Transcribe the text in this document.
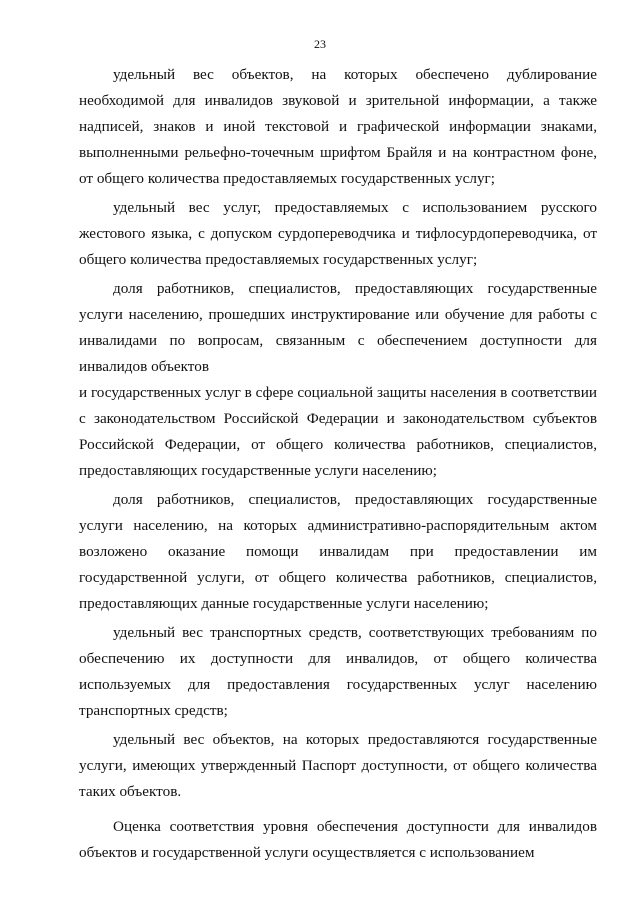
23

удельный вес объектов, на которых обеспечено дублирование необходимой для инвалидов звуковой и зрительной информации, а также надписей, знаков и иной текстовой и графической информации знаками, выполненными рельефно-точечным шрифтом Брайля и на контрастном фоне, от общего количества предоставляемых государственных услуг;

удельный вес услуг, предоставляемых с использованием русского жестового языка, с допуском сурдопереводчика и тифлосурдопереводчика, от общего количества предоставляемых государственных услуг;

доля работников, специалистов, предоставляющих государственные услуги населению, прошедших инструктирование или обучение для работы с инвалидами по вопросам, связанным с обеспечением доступности для инвалидов объектов

и государственных услуг в сфере социальной защиты населения в соответствии с законодательством Российской Федерации и законодательством субъектов Российской Федерации, от общего количества работников, специалистов, предоставляющих государственные услуги населению;

доля работников, специалистов, предоставляющих государственные услуги населению, на которых административно-распорядительным актом возложено оказание помощи инвалидам при предоставлении им государственной услуги, от общего количества работников, специалистов, предоставляющих данные государственные услуги населению;

удельный вес транспортных средств, соответствующих требованиям по обеспечению их доступности для инвалидов, от общего количества используемых для предоставления государственных услуг населению транспортных средств;

удельный вес объектов, на которых предоставляются государственные услуги, имеющих утвержденный Паспорт доступности, от общего количества таких объектов.

Оценка соответствия уровня обеспечения доступности для инвалидов объектов и государственной услуги осуществляется с использованием
